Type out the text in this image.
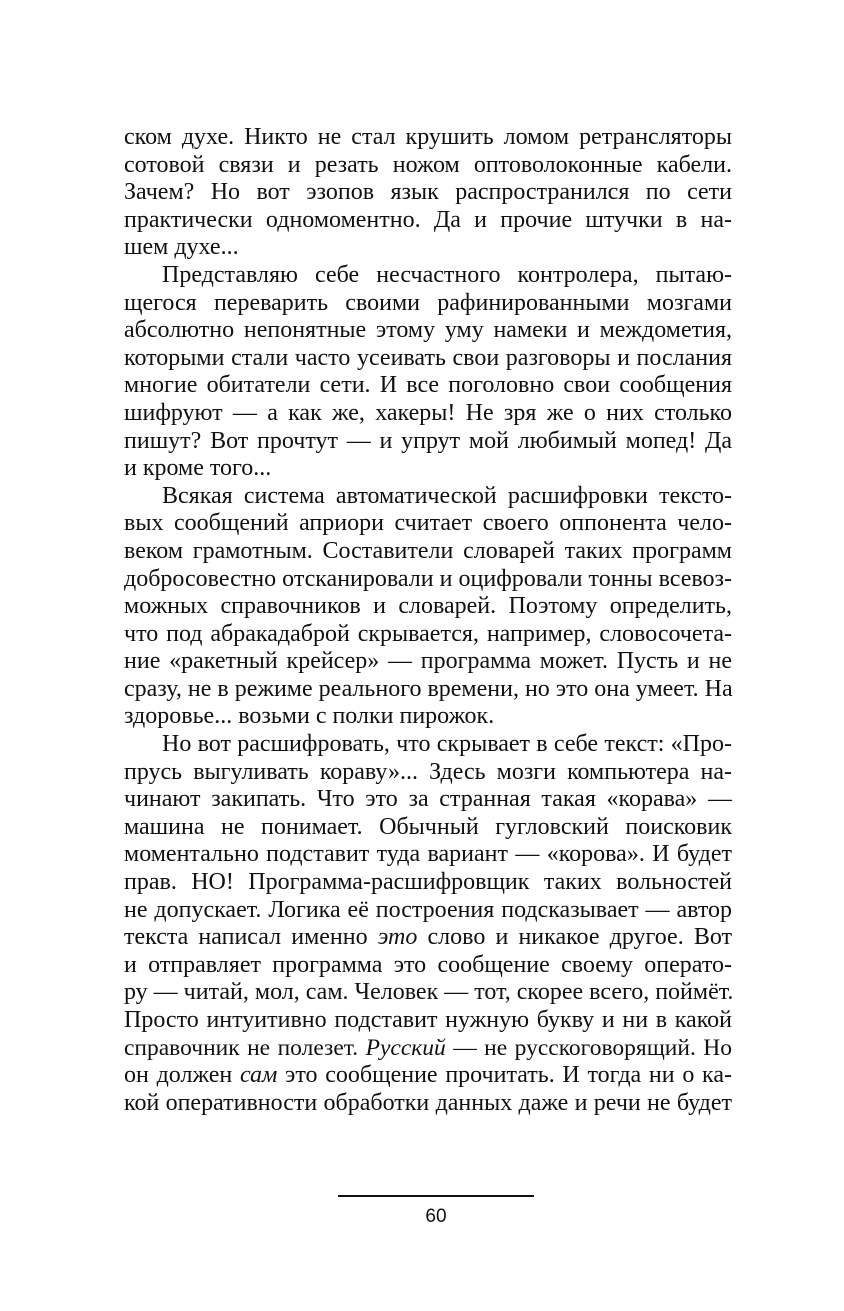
ском духе. Никто не стал крушить ломом ретрансляторы
сотовой связи и резать ножом оптоволоконные кабели.
Зачем? Но вот эзопов язык распространился по сети
практически одномоментно. Да и прочие штучки в на-
шем духе...
Представляю себе несчастного контролера, пытаю-
щегося переварить своими рафинированными мозгами
абсолютно непонятные этому уму намеки и междометия,
которыми стали часто усеивать свои разговоры и послания
многие обитатели сети. И все поголовно свои сообщения
шифруют — а как же, хакеры! Не зря же о них столько
пишут? Вот прочтут — и упрут мой любимый мопед! Да
и кроме того...
Всякая система автоматической расшифровки тексто-
вых сообщений априори считает своего оппонента чело-
веком грамотным. Составители словарей таких программ
добросовестно отсканировали и оцифровали тонны всевоз-
можных справочников и словарей. Поэтому определить,
что под абракадаброй скрывается, например, словосочета-
ние «ракетный крейсер» — программа может. Пусть и не
сразу, не в режиме реального времени, но это она умеет. На
здоровье... возьми с полки пирожок.
Но вот расшифровать, что скрывает в себе текст: «Про-
прусь выгуливать кораву»... Здесь мозги компьютера на-
чинают закипать. Что это за странная такая «корава» —
машина не понимает. Обычный гугловский поисковик
моментально подставит туда вариант — «корова». И будет
прав. НО! Программа-расшифровщик таких вольностей
не допускает. Логика её построения подсказывает — автор
текста написал именно это слово и никакое другое. Вот
и отправляет программа это сообщение своему операто-
ру — читай, мол, сам. Человек — тот, скорее всего, поймёт.
Просто интуитивно подставит нужную букву и ни в какой
справочник не полезет. Русский — не русскоговорящий. Но
он должен сам это сообщение прочитать. И тогда ни о ка-
кой оперативности обработки данных даже и речи не будет
60
